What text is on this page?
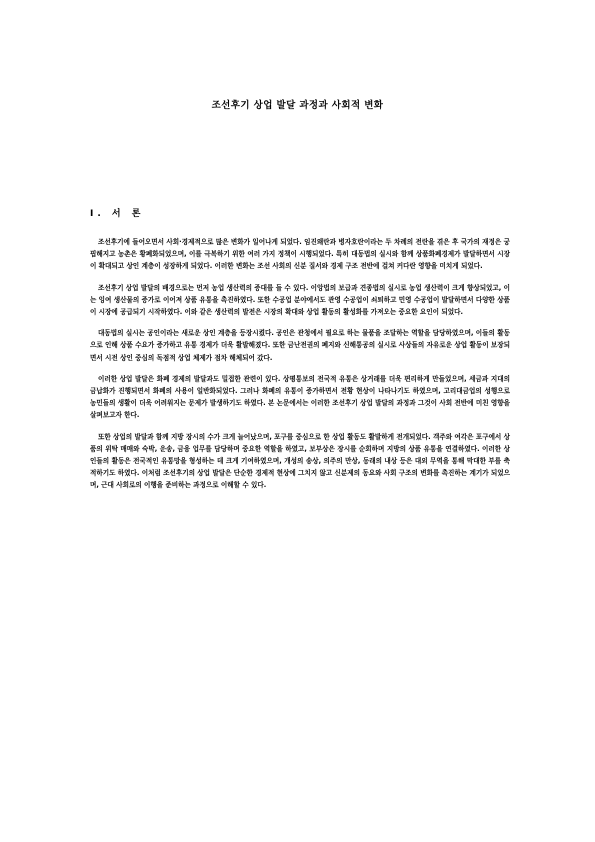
조선후기 상업 발달 과정과 사회적 변화
Ⅰ. 서 론

조선후기에 들어오면서 사회·경제적으로 많은 변화가 일어나게 되었다. 임진왜란과 병자호란이라는 두 차례의 전란을 겪은 후 국가의 재정은 궁핍해지고 농촌은 황폐화되었으며, 이를 극복하기 위한 여러 가지 정책이 시행되었다. 특히 대동법의 실시와 함께 상품화폐경제가 발달하면서 시장이 확대되고 상인 계층이 성장하게 되었다. 이러한 변화는 조선 사회의 신분 질서와 경제 구조 전반에 걸쳐 커다란 영향을 미치게 되었다.

조선후기 상업 발달의 배경으로는 먼저 농업 생산력의 증대를 들 수 있다. 이앙법의 보급과 견종법의 실시로 농업 생산력이 크게 향상되었고, 이는 잉여 생산물의 증가로 이어져 상품 유통을 촉진하였다. 또한 수공업 분야에서도 관영 수공업이 쇠퇴하고 민영 수공업이 발달하면서 다양한 상품이 시장에 공급되기 시작하였다. 이와 같은 생산력의 발전은 시장의 확대와 상업 활동의 활성화를 가져오는 중요한 요인이 되었다.

대동법의 실시는 공인이라는 새로운 상인 계층을 등장시켰다. 공인은 관청에서 필요로 하는 물품을 조달하는 역할을 담당하였으며, 이들의 활동으로 인해 상품 수요가 증가하고 유통 경제가 더욱 활발해졌다. 또한 금난전권의 폐지와 신해통공의 실시로 사상들의 자유로운 상업 활동이 보장되면서 시전 상인 중심의 독점적 상업 체제가 점차 해체되어 갔다.

이러한 상업 발달은 화폐 경제의 발달과도 밀접한 관련이 있다. 상평통보의 전국적 유통은 상거래를 더욱 편리하게 만들었으며, 세금과 지대의 금납화가 진행되면서 화폐의 사용이 일반화되었다. 그러나 화폐의 유통이 증가하면서 전황 현상이 나타나기도 하였으며, 고리대금업의 성행으로 농민들의 생활이 더욱 어려워지는 문제가 발생하기도 하였다. 본 논문에서는 이러한 조선후기 상업 발달의 과정과 그것이 사회 전반에 미친 영향을 살펴보고자 한다.

또한 상업의 발달과 함께 지방 장시의 수가 크게 늘어났으며, 포구를 중심으로 한 상업 활동도 활발하게 전개되었다. 객주와 여각은 포구에서 상품의 위탁 매매와 숙박, 운송, 금융 업무를 담당하며 중요한 역할을 하였고, 보부상은 장시를 순회하며 지방의 상품 유통을 연결하였다. 이러한 상인들의 활동은 전국적인 유통망을 형성하는 데 크게 기여하였으며, 개성의 송상, 의주의 만상, 동래의 내상 등은 대외 무역을 통해 막대한 부를 축적하기도 하였다. 이처럼 조선후기의 상업 발달은 단순한 경제적 현상에 그치지 않고 신분제의 동요와 사회 구조의 변화를 촉진하는 계기가 되었으며, 근대 사회로의 이행을 준비하는 과정으로 이해할 수 있다.
